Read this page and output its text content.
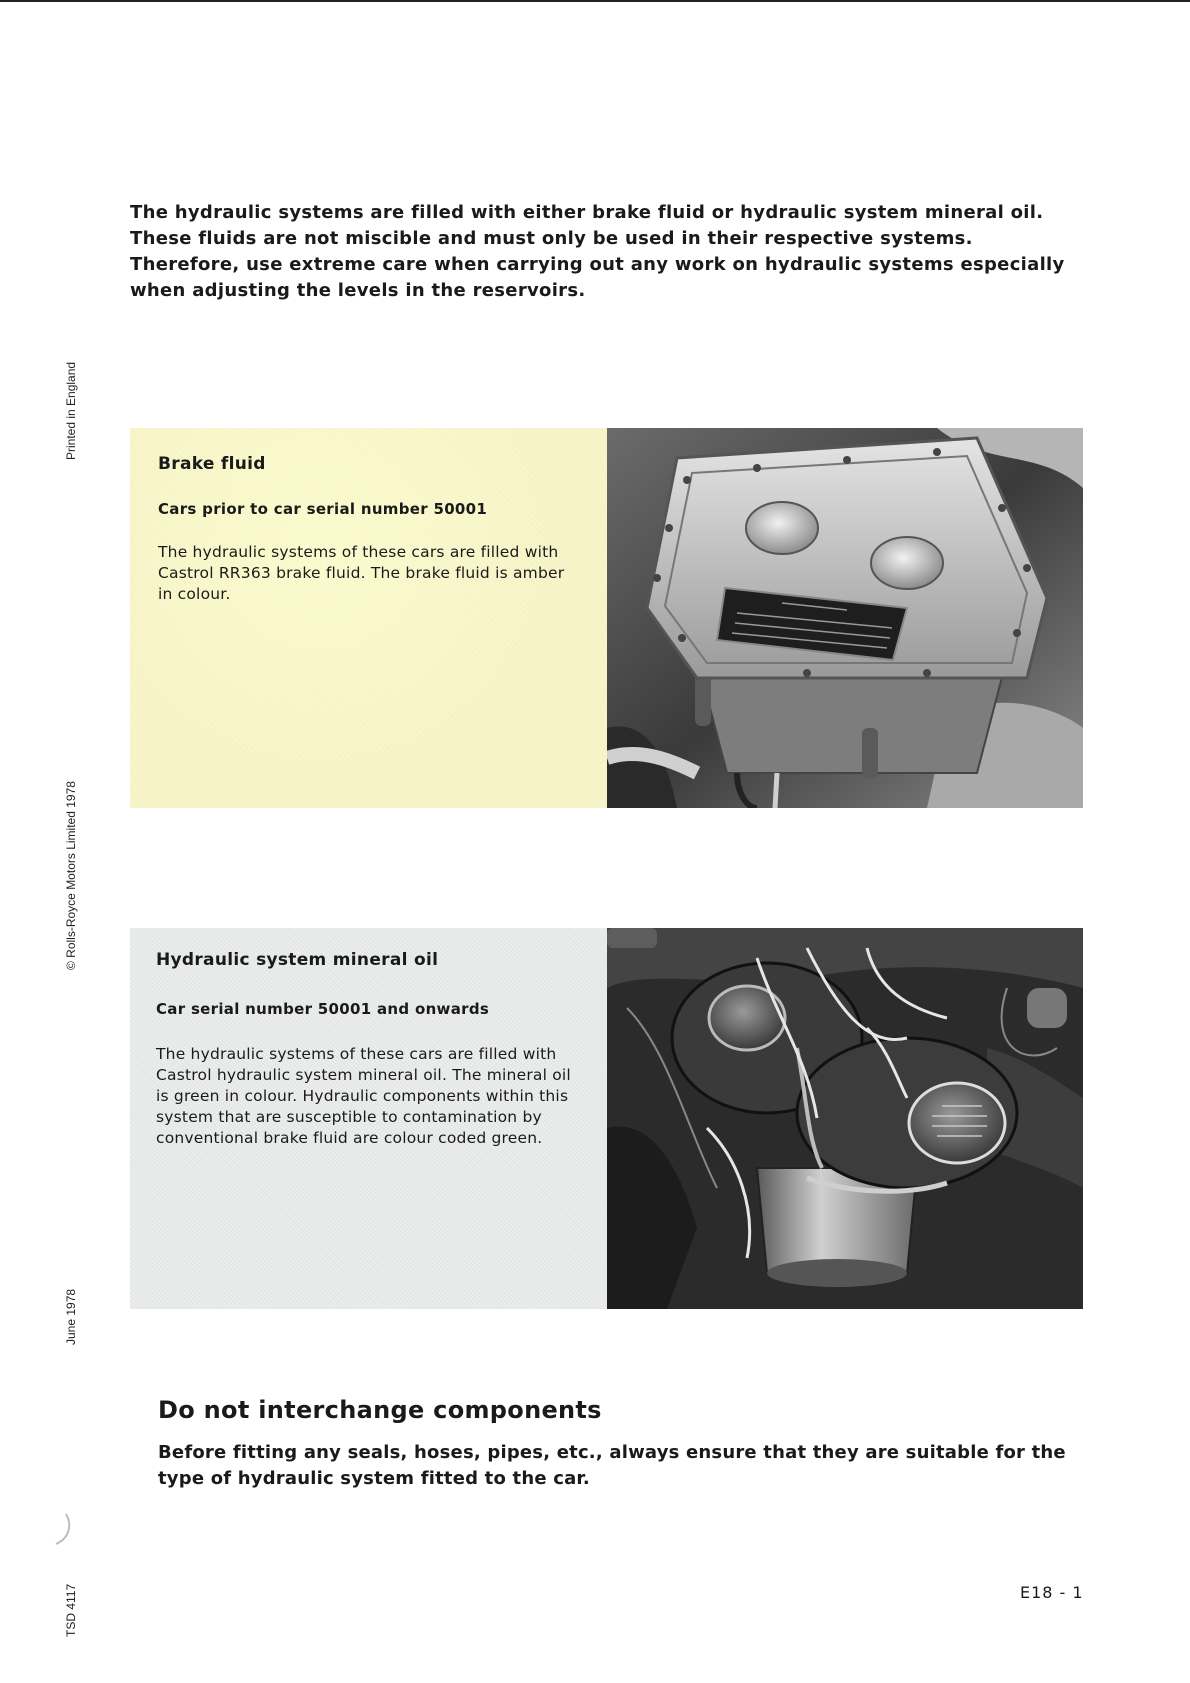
The hydraulic systems are filled with either brake fluid or hydraulic system mineral oil. These fluids are not miscible and must only be used in their respective systems. Therefore, use extreme care when carrying out any work on hydraulic systems especially when adjusting the levels in the reservoirs.

Printed in England
© Rolls-Royce Motors Limited 1978
June 1978
TSD 4117
Brake fluid
Cars prior to car serial number 50001

The hydraulic systems of these cars are filled with Castrol RR363 brake fluid. The brake fluid is amber in colour.

Hydraulic system mineral oil
Car serial number 50001 and onwards

The hydraulic systems of these cars are filled with Castrol hydraulic system mineral oil. The mineral oil is green in colour. Hydraulic components within this system that are susceptible to contamination by conventional brake fluid are colour coded green.

Do not interchange components

Before fitting any seals, hoses, pipes, etc., always ensure that they are suitable for the type of hydraulic system fitted to the car.

E18 - 1
